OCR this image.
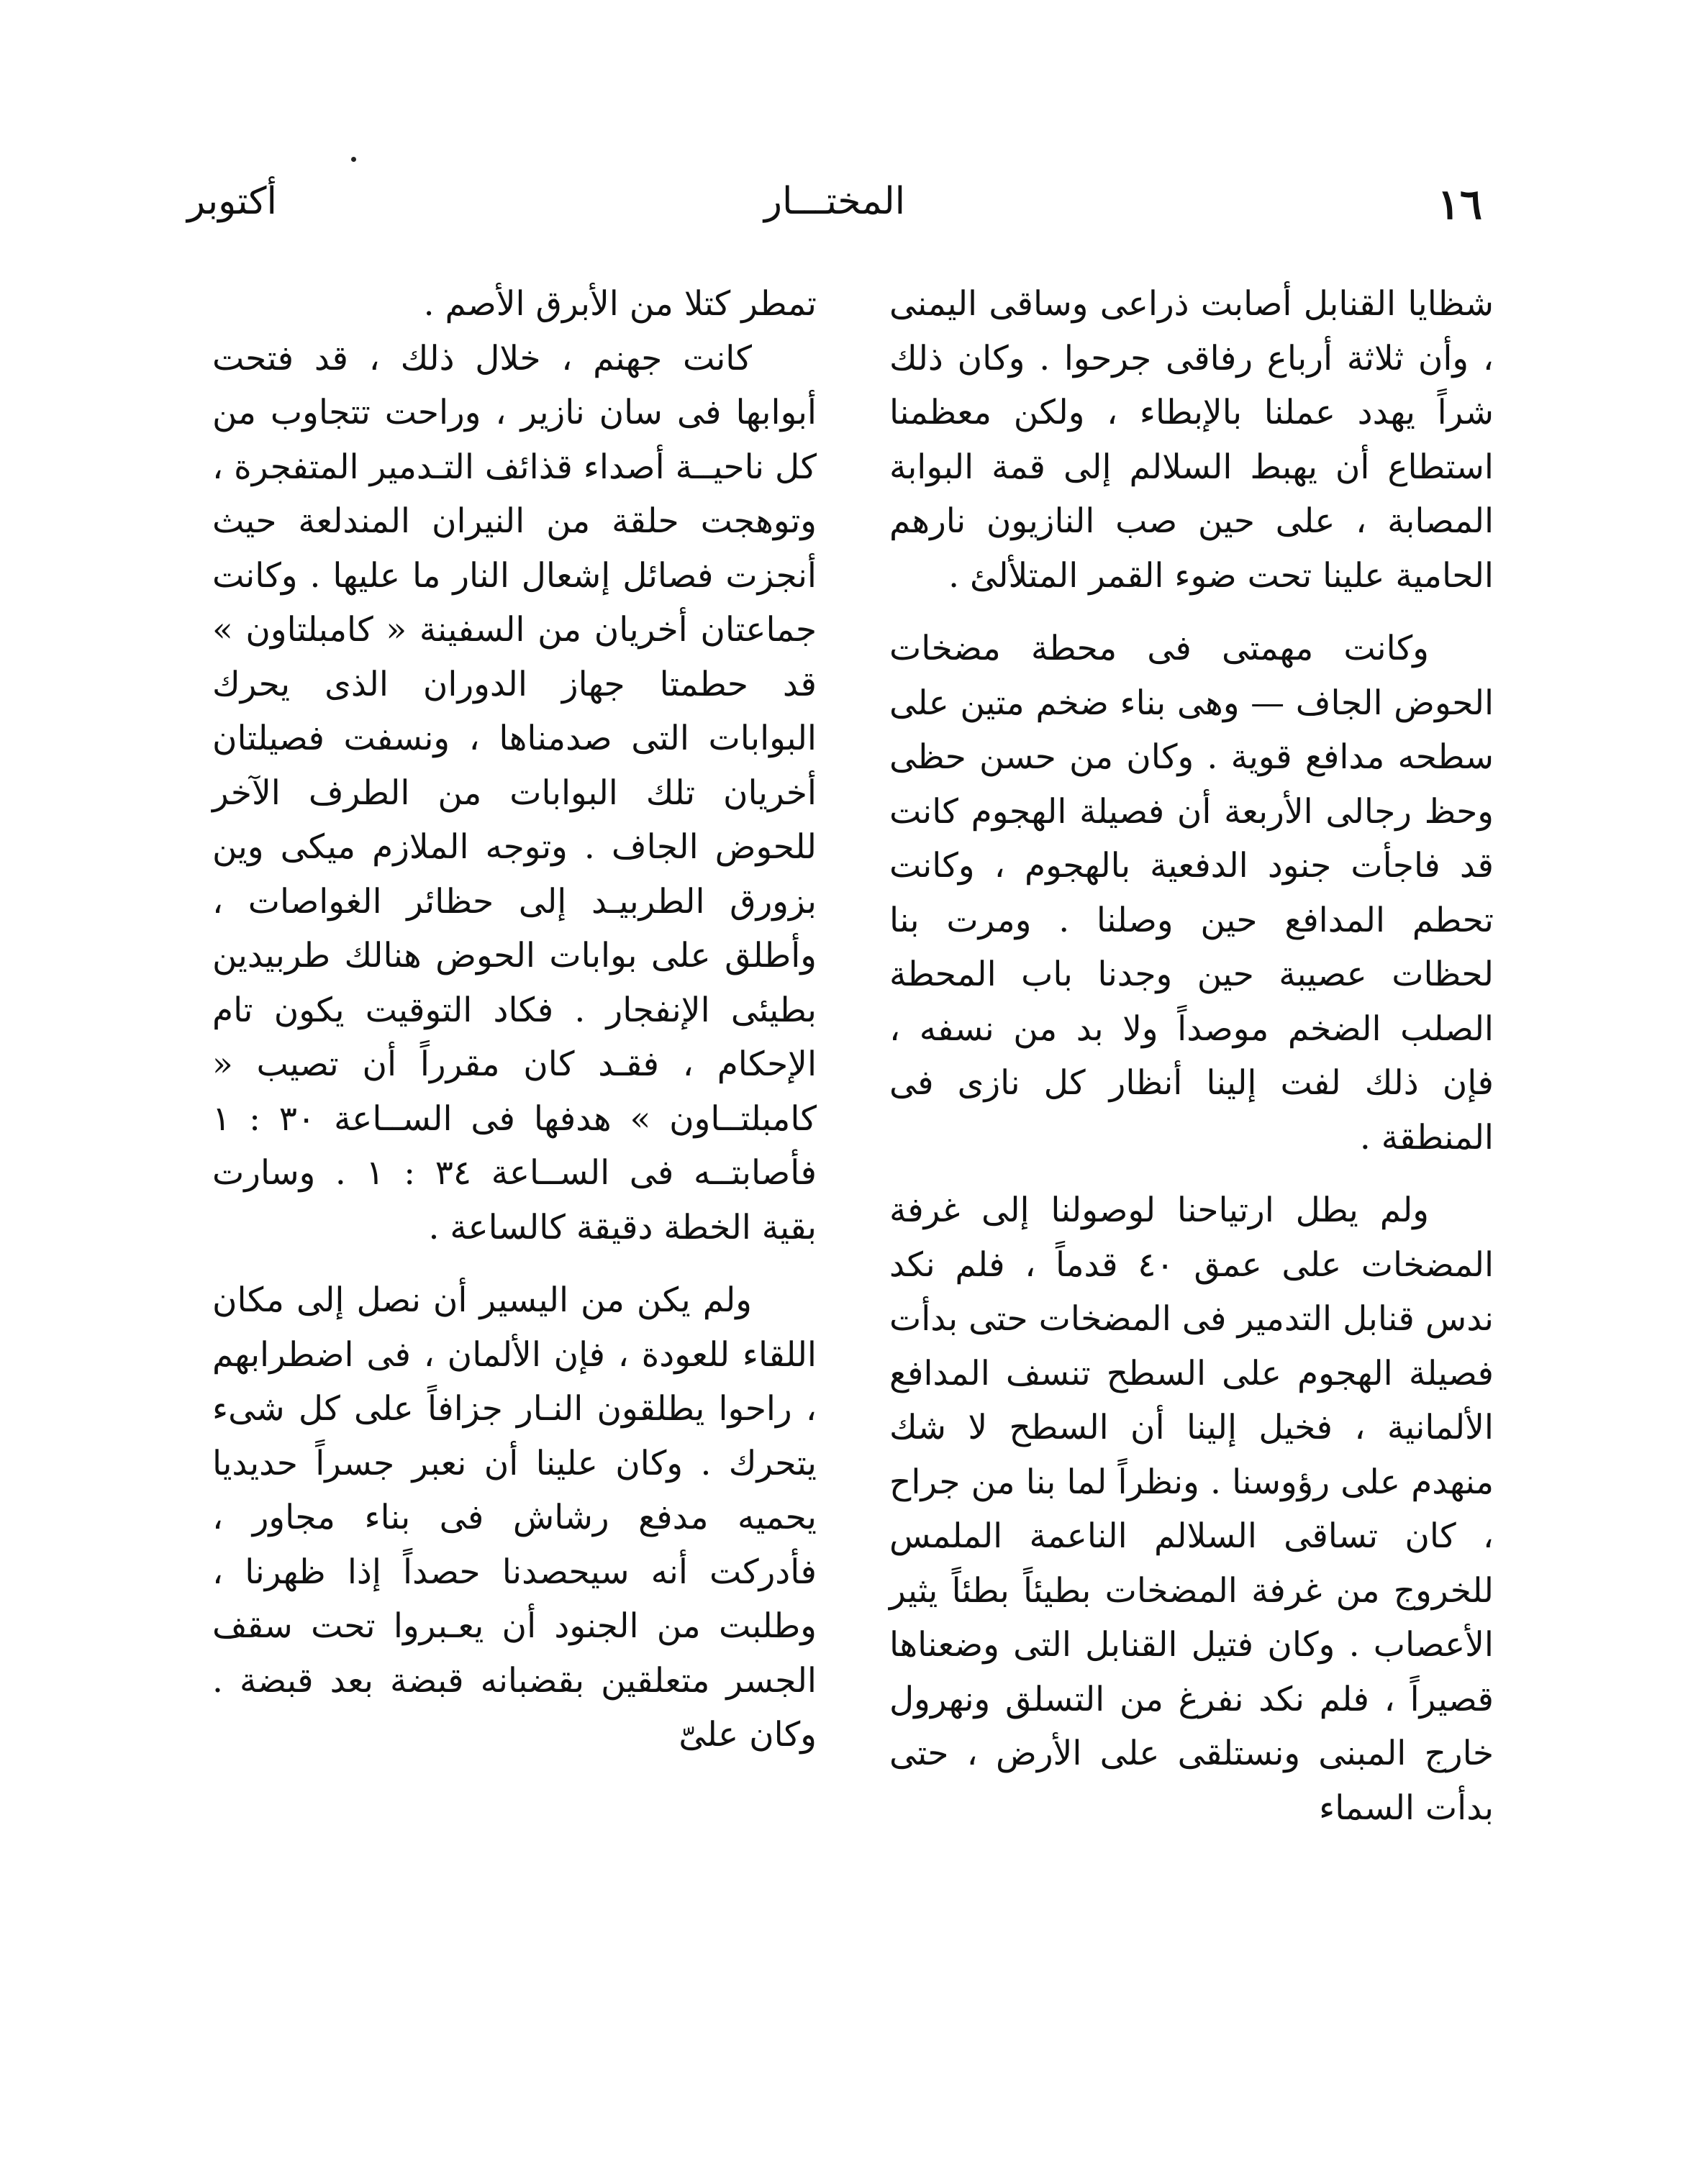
١٦
المختـــار
أكتوبر

شظايا القنابل أصابت ذراعى وساقى اليمنى ، وأن ثلاثة أرباع رفاقى جرحوا . وكان ذلك شراً يهدد عملنا بالإبطاء ، ولكن معظمنا استطاع أن يهبط السلالم إلى قمة البوابة المصابة ، على حين صب النازيون نارهم الحامية علينا تحت ضوء القمر المتلألئ .

وكانت مهمتى فى محطة مضخات الحوض الجاف — وهى بناء ضخم متين على سطحه مدافع قوية . وكان من حسن حظى وحظ رجالى الأربعة أن فصيلة الهجوم كانت قد فاجأت جنود الدفعية بالهجوم ، وكانت تحطم المدافع حين وصلنا . ومرت بنا لحظات عصيبة حين وجدنا باب المحطة الصلب الضخم موصداً ولا بد من نسفه ، فإن ذلك لفت إلينا أنظار كل نازى فى المنطقة .

ولم يطل ارتياحنا لوصولنا إلى غرفة المضخات على عمق ٤٠ قدماً ، فلم نكد ندس قنابل التدمير فى المضخات حتى بدأت فصيلة الهجوم على السطح تنسف المدافع الألمانية ، فخيل إلينا أن السطح لا شك منهدم على رؤوسنا . ونظراً لما بنا من جراح ، كان تساقى السلالم الناعمة الملمس للخروج من غرفة المضخات بطيئاً بطئاً يثير الأعصاب . وكان فتيل القنابل التى وضعناها قصيراً ، فلم نكد نفرغ من التسلق ونهرول خارج المبنى ونستلقى على الأرض ، حتى بدأت السماء

تمطر كتلا من الأبرق الأصم .

كانت جهنم ، خلال ذلك ، قد فتحت أبوابها فى سان نازير ، وراحت تتجاوب من كل ناحيــة أصداء قذائف التـدمير المتفجرة ، وتوهجت حلقة من النيران المندلعة حيث أنجزت فصائل إشعال النار ما عليها . وكانت جماعتان أخريان من السفينة « كامبلتاون » قد حطمتا جهاز الدوران الذى يحرك البوابات التى صدمناها ، ونسفت فصيلتان أخريان تلك البوابات من الطرف الآخر للحوض الجاف . وتوجه الملازم ميكى وين بزورق الطربيـد إلى حظائر الغواصات ، وأطلق على بوابات الحوض هنالك طربيدين بطيئى الإنفجار . فكاد التوقيت يكون تام الإحكام ، فقـد كان مقرراً أن تصيب « كامبلتــاون » هدفها فى الســاعة ٣٠ : ١ فأصابتــه فى الســاعة ٣٤ : ١ . وسارت بقية الخطة دقيقة كالساعة .

ولم يكن من اليسير أن نصل إلى مكان اللقاء للعودة ، فإن الألمان ، فى اضطرابهم ، راحوا يطلقون النـار جزافاً على كل شىء يتحرك . وكان علينا أن نعبر جسراً حديديا يحميه مدفع رشاش فى بناء مجاور ، فأدركت أنه سيحصدنا حصداً إذا ظهرنا ، وطلبت من الجنود أن يعـبروا تحت سقف الجسر متعلقين بقضبانه قبضة بعد قبضة . وكان علىّ
